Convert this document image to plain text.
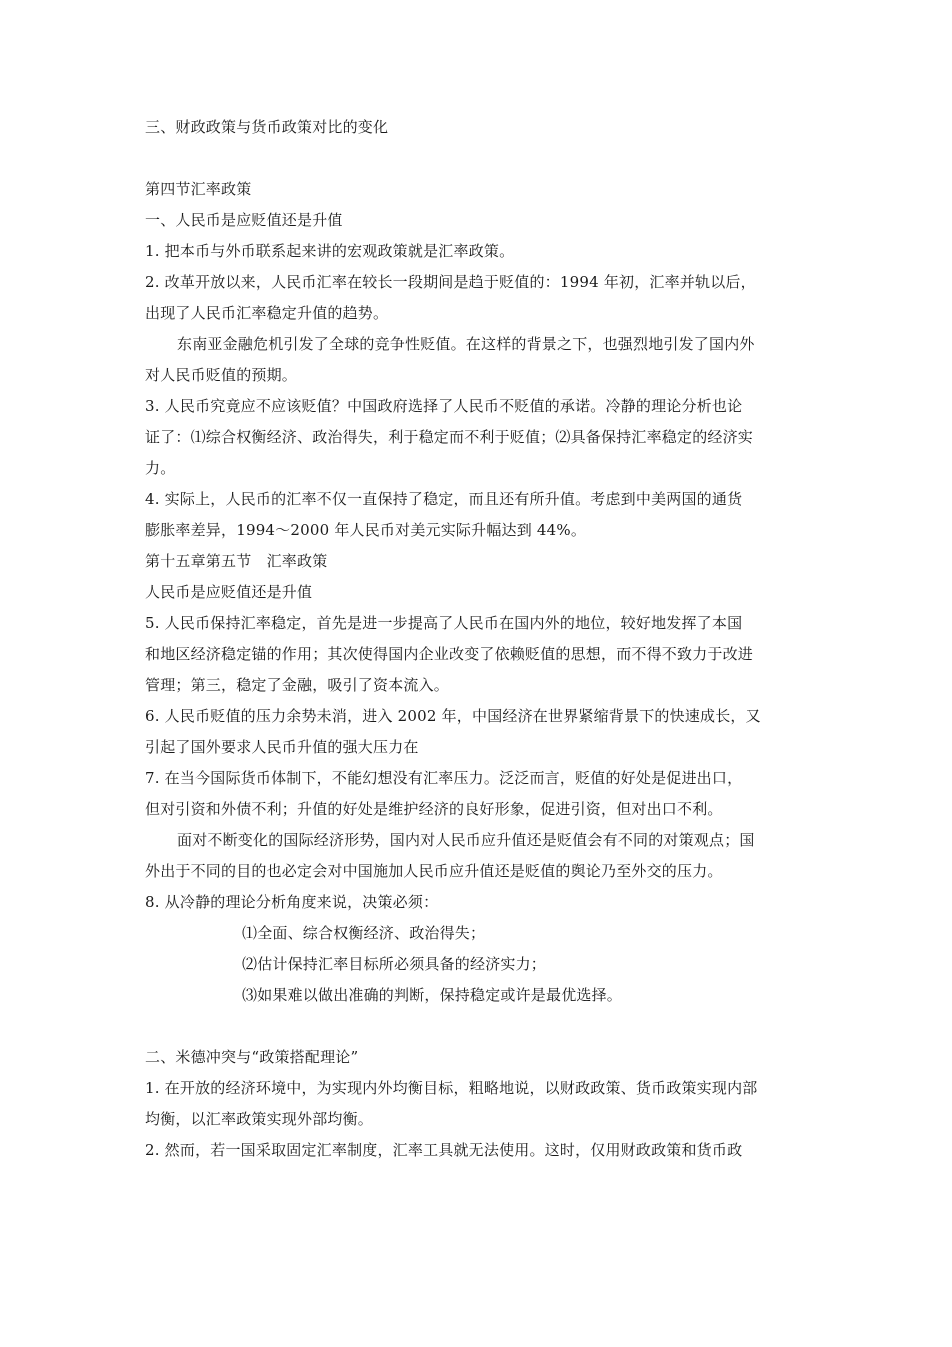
三、财政政策与货币政策对比的变化
第四节汇率政策
一、人民币是应贬值还是升值
1. 把本币与外币联系起来讲的宏观政策就是汇率政策。
2. 改革开放以来，人民币汇率在较长一段期间是趋于贬值的：1994 年初，汇率并轨以后，
出现了人民币汇率稳定升值的趋势。
东南亚金融危机引发了全球的竞争性贬值。在这样的背景之下，也强烈地引发了国内外
对人民币贬值的预期。
3. 人民币究竟应不应该贬值？中国政府选择了人民币不贬值的承诺。冷静的理论分析也论
证了：⑴综合权衡经济、政治得失，利于稳定而不利于贬值；⑵具备保持汇率稳定的经济实
力。
4. 实际上，人民币的汇率不仅一直保持了稳定，而且还有所升值。考虑到中美两国的通货
膨胀率差异，1994～2000 年人民币对美元实际升幅达到 44%。
第十五章第五节　汇率政策
人民币是应贬值还是升值
5. 人民币保持汇率稳定，首先是进一步提高了人民币在国内外的地位，较好地发挥了本国
和地区经济稳定锚的作用；其次使得国内企业改变了依赖贬值的思想，而不得不致力于改进
管理；第三，稳定了金融，吸引了资本流入。
6. 人民币贬值的压力余势未消，进入 2002 年，中国经济在世界紧缩背景下的快速成长，又
引起了国外要求人民币升值的强大压力在
7. 在当今国际货币体制下，不能幻想没有汇率压力。泛泛而言，贬值的好处是促进出口，
但对引资和外债不利；升值的好处是维护经济的良好形象，促进引资，但对出口不利。
面对不断变化的国际经济形势，国内对人民币应升值还是贬值会有不同的对策观点；国
外出于不同的目的也必定会对中国施加人民币应升值还是贬值的舆论乃至外交的压力。
8. 从冷静的理论分析角度来说，决策必须：
⑴全面、综合权衡经济、政治得失；
⑵估计保持汇率目标所必须具备的经济实力；
⑶如果难以做出准确的判断，保持稳定或许是最优选择。
二、米德冲突与“政策搭配理论”
1. 在开放的经济环境中，为实现内外均衡目标，粗略地说，以财政政策、货币政策实现内部
均衡，以汇率政策实现外部均衡。
2. 然而，若一国采取固定汇率制度，汇率工具就无法使用。这时，仅用财政政策和货币政
